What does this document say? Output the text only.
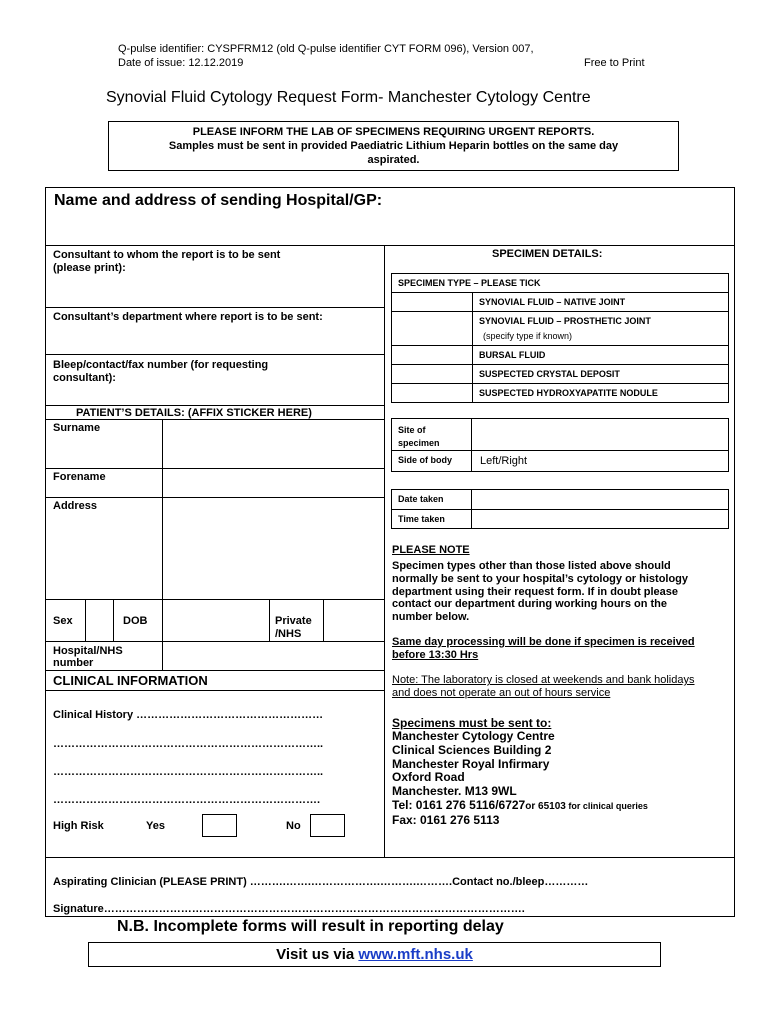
Q-pulse identifier: CYSPFRM12 (old Q-pulse identifier CYT FORM 096), Version 007,
Date of issue: 12.12.2019	Free to Print
Synovial Fluid Cytology Request Form- Manchester Cytology Centre
PLEASE INFORM THE LAB OF SPECIMENS REQUIRING URGENT REPORTS.
Samples must be sent in provided Paediatric Lithium Heparin bottles on the same day
aspirated.
Name and address of sending Hospital/GP:
Consultant to whom the report is to be sent
(please print):
Consultant’s department where report is to be sent:
Bleep/contact/fax number (for requesting
consultant):
PATIENT’S DETAILS: (AFFIX STICKER HERE)
Surname
Forename
Address
Sex	DOB	Private
/NHS
Hospital/NHS
number
CLINICAL INFORMATION
Clinical History ……………………………………………
………………………………………………………………..
………………………………………………………………..
……………………………………………………………….
High Risk	Yes	No
SPECIMEN DETAILS:
SPECIMEN TYPE – PLEASE TICK
SYNOVIAL FLUID – NATIVE JOINT
SYNOVIAL FLUID – PROSTHETIC JOINT
(specify type if known)
BURSAL FLUID
SUSPECTED CRYSTAL DEPOSIT
SUSPECTED HYDROXYAPATITE NODULE
Site of
specimen
Side of body	Left/Right
Date taken
Time taken
PLEASE NOTE
Specimen types other than those listed above should
normally be sent to your hospital’s cytology or histology
department using their request form. If in doubt please
contact our department during working hours on the
number below.
Same day processing will be done if specimen is received
before 13:30 Hrs
Note: The laboratory is closed at weekends and bank holidays
and does not operate an out of hours service
Specimens must be sent to:
Manchester Cytology Centre
Clinical Sciences Building 2
Manchester Royal Infirmary
Oxford Road
Manchester. M13 9WL
Tel: 0161 276 5116/6727or 65103 for clinical queries
Fax: 0161 276 5113
Aspirating Clinician (PLEASE PRINT) ……….…….……………….……….……….Contact no./bleep…………
Signature…………………………………………………………………………………………………….
N.B. Incomplete forms will result in reporting delay
Visit us via www.mft.nhs.uk
